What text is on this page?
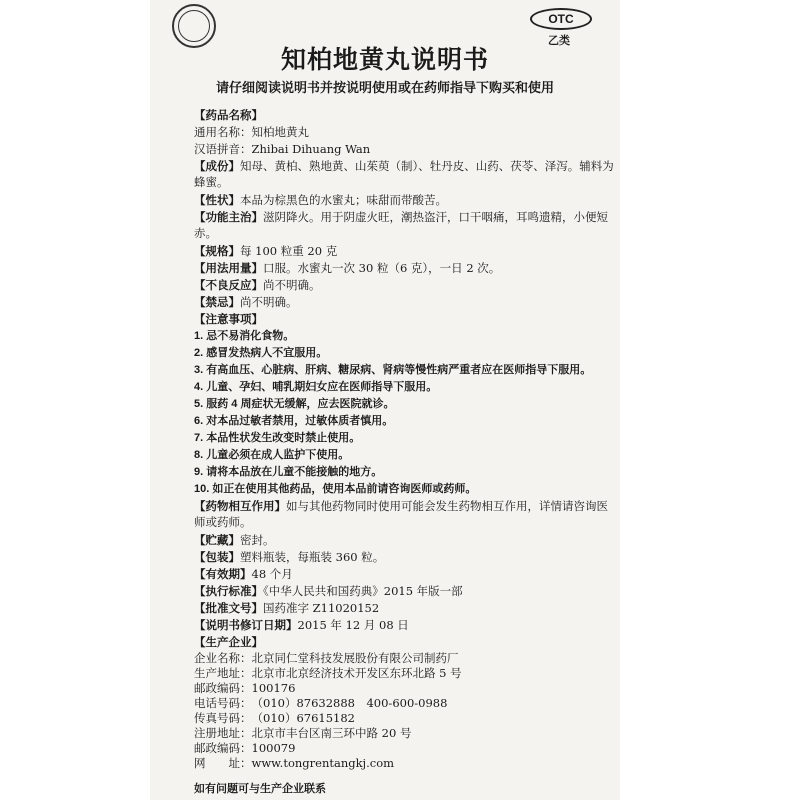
OTC
乙类
知柏地黄丸说明书
请仔细阅读说明书并按说明使用或在药师指导下购买和使用
【药品名称】
通用名称：知柏地黄丸
汉语拼音：Zhibai Dihuang Wan
【成份】知母、黄柏、熟地黄、山茱萸（制）、牡丹皮、山药、茯苓、泽泻。辅料为蜂蜜。
【性状】本品为棕黑色的水蜜丸；味甜而带酸苦。
【功能主治】滋阴降火。用于阴虚火旺，潮热盗汗，口干咽痛，耳鸣遗精，小便短赤。
【规格】每 100 粒重 20 克
【用法用量】口服。水蜜丸一次 30 粒（6 克），一日 2 次。
【不良反应】尚不明确。
【禁忌】尚不明确。
【注意事项】
1. 忌不易消化食物。
2. 感冒发热病人不宜服用。
3. 有高血压、心脏病、肝病、糖尿病、肾病等慢性病严重者应在医师指导下服用。
4. 儿童、孕妇、哺乳期妇女应在医师指导下服用。
5. 服药 4 周症状无缓解，应去医院就诊。
6. 对本品过敏者禁用，过敏体质者慎用。
7. 本品性状发生改变时禁止使用。
8. 儿童必须在成人监护下使用。
9. 请将本品放在儿童不能接触的地方。
10. 如正在使用其他药品，使用本品前请咨询医师或药师。
【药物相互作用】如与其他药物同时使用可能会发生药物相互作用，详情请咨询医师或药师。
【贮藏】密封。
【包装】塑料瓶装，每瓶装 360 粒。
【有效期】48 个月
【执行标准】《中华人民共和国药典》2015 年版一部
【批准文号】国药准字 Z11020152
【说明书修订日期】2015 年 12 月 08 日
【生产企业】
企业名称：北京同仁堂科技发展股份有限公司制药厂
生产地址：北京市北京经济技术开发区东环北路 5 号
邮政编码：100176
电话号码：（010）87632888　400-600-0988
传真号码：（010）67615182
注册地址：北京市丰台区南三环中路 20 号
邮政编码：100079
网　　址：www.tongrentangkj.com
如有问题可与生产企业联系
